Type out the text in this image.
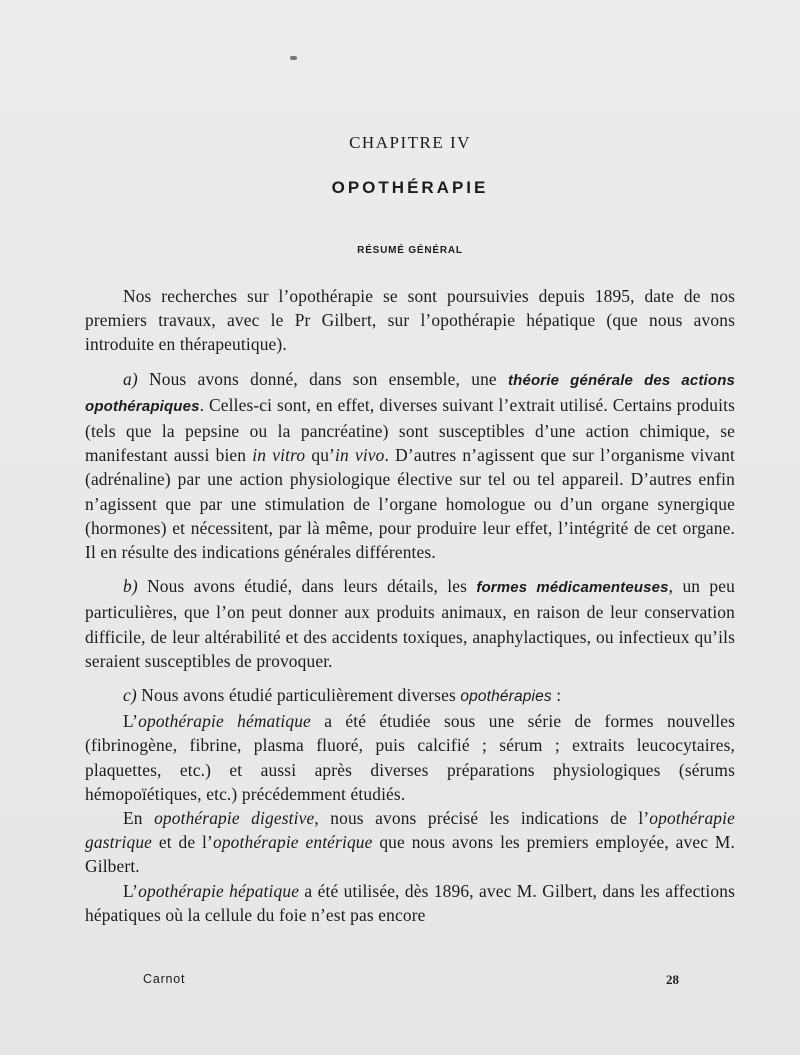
CHAPITRE IV
OPOTHÉRAPIE
RÉSUMÉ GÉNÉRAL

Nos recherches sur l’opothérapie se sont poursuivies depuis 1895, date de nos premiers travaux, avec le Pr Gilbert, sur l’opothérapie hépatique (que nous avons introduite en thérapeutique).

a) Nous avons donné, dans son ensemble, une théorie générale des actions opothérapiques. Celles-ci sont, en effet, diverses suivant l’extrait utilisé. Certains produits (tels que la pepsine ou la pancréatine) sont susceptibles d’une action chimique, se manifestant aussi bien in vitro qu’in vivo. D’autres n’agissent que sur l’organisme vivant (adrénaline) par une action physiologique élective sur tel ou tel appareil. D’autres enfin n’agissent que par une stimulation de l’organe homologue ou d’un organe synergique (hormones) et nécessitent, par là même, pour produire leur effet, l’intégrité de cet organe. Il en résulte des indications générales différentes.

b) Nous avons étudié, dans leurs détails, les formes médicamenteuses, un peu particulières, que l’on peut donner aux produits animaux, en raison de leur conservation difficile, de leur altérabilité et des accidents toxiques, anaphylactiques, ou infectieux qu’ils seraient susceptibles de provoquer.

c) Nous avons étudié particulièrement diverses opothérapies :

L’opothérapie hématique a été étudiée sous une série de formes nouvelles (fibrinogène, fibrine, plasma fluoré, puis calcifié ; sérum ; extraits leucocytaires, plaquettes, etc.) et aussi après diverses préparations physiologiques (sérums hémopoïétiques, etc.) précédemment étudiés.

En opothérapie digestive, nous avons précisé les indications de l’opothérapie gastrique et de l’opothérapie entérique que nous avons les premiers employée, avec M. Gilbert.

L’opothérapie hépatique a été utilisée, dès 1896, avec M. Gilbert, dans les affections hépatiques où la cellule du foie n’est pas encore

Carnot	28
